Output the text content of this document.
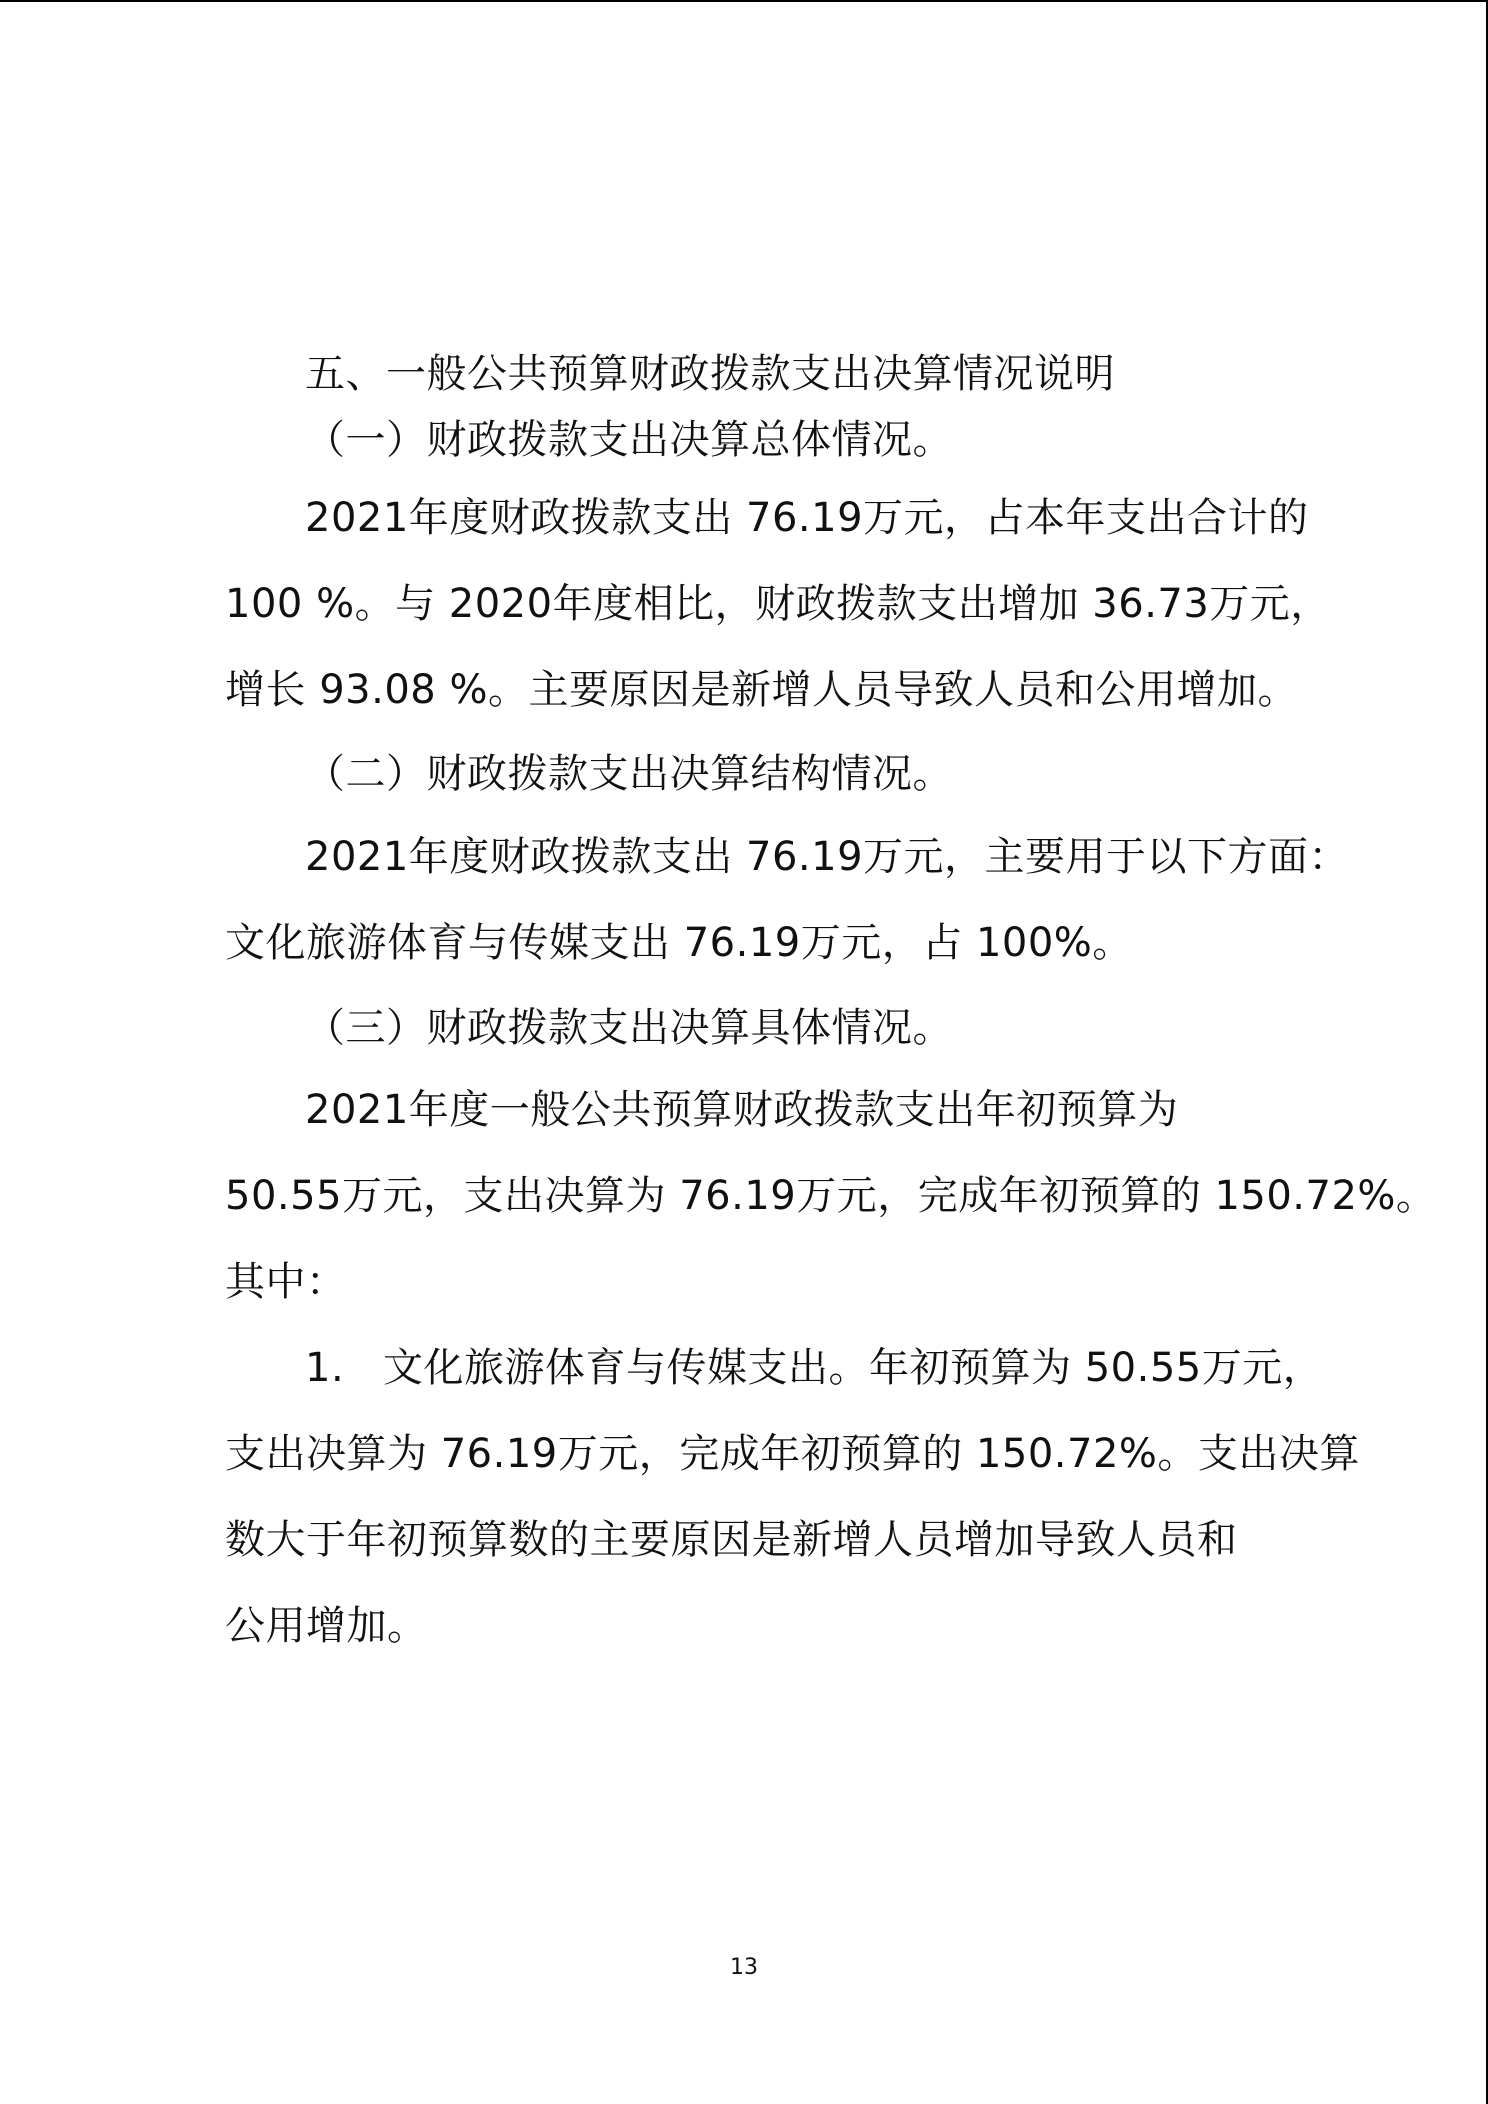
五、一般公共预算财政拨款支出决算情况说明
（一）财政拨款支出决算总体情况。
2021年度财政拨款支出 76.19万元，占本年支出合计的
100 %。与 2020年度相比，财政拨款支出增加 36.73万元，
增长 93.08 %。主要原因是新增人员导致人员和公用增加。
（二）财政拨款支出决算结构情况。
2021年度财政拨款支出 76.19万元，主要用于以下方面：
文化旅游体育与传媒支出 76.19万元，占 100%。
（三）财政拨款支出决算具体情况。
2021年度一般公共预算财政拨款支出年初预算为
50.55万元，支出决算为 76.19万元，完成年初预算的 150.72%。
其中：
1. 文化旅游体育与传媒支出。年初预算为 50.55万元，
支出决算为 76.19万元，完成年初预算的 150.72%。支出决算
数大于年初预算数的主要原因是新增人员增加导致人员和
公用增加。
13
